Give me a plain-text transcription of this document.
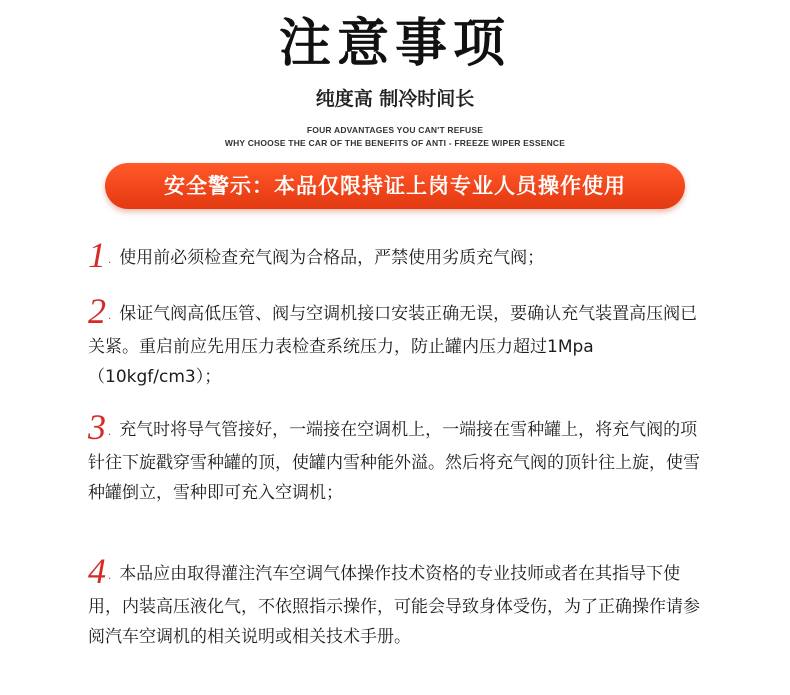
注意事项
纯度高 制冷时间长
FOUR ADVANTAGES YOU CAN'T REFUSE
WHY CHOOSE THE CAR OF THE BENEFITS OF ANTI - FREEZE WIPER ESSENCE
安全警示：本品仅限持证上岗专业人员操作使用
1 . 使用前必须检查充气阀为合格品，严禁使用劣质充气阀；
2 . 保证气阀高低压管、阀与空调机接口安装正确无误，要确认充气装置高压阀已关紧。重启前应先用压力表检查系统压力，防止罐内压力超过1Mpa（10kgf/cm3）；
3 . 充气时将导气管接好，一端接在空调机上，一端接在雪种罐上，将充气阀的项针往下旋戳穿雪种罐的顶，使罐内雪种能外溢。然后将充气阀的顶针往上旋，使雪种罐倒立，雪种即可充入空调机；
4 . 本品应由取得灌注汽车空调气体操作技术资格的专业技师或者在其指导下使用，内装高压液化气，不依照指示操作，可能会导致身体受伤，为了正确操作请参阅汽车空调机的相关说明或相关技术手册。
